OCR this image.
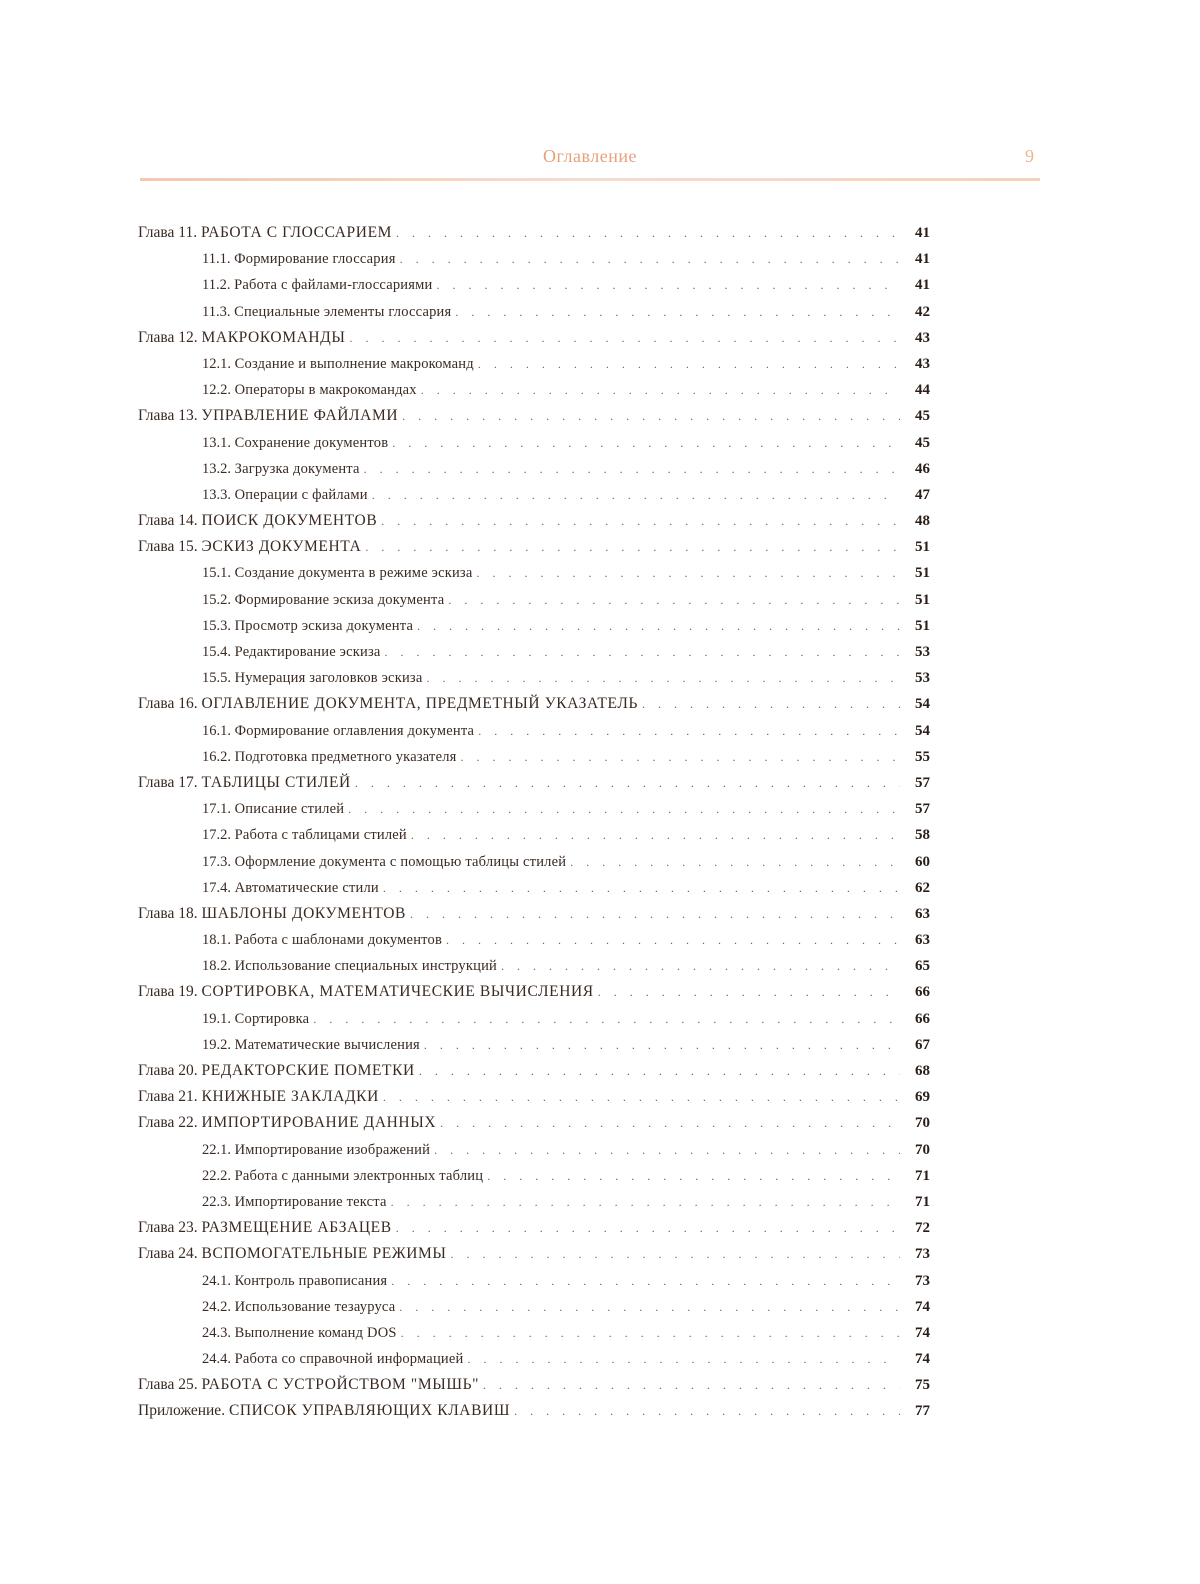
Оглавление	9
Глава 11. РАБОТА С ГЛОССАРИЕМ . . .	41
11.1. Формирование глоссария . . .	41
11.2. Работа с файлами-глоссариями . . .	41
11.3. Специальные элементы глоссария . . .	42
Глава 12. МАКРОКОМАНДЫ . . .	43
12.1. Создание и выполнение макрокоманд . . .	43
12.2. Операторы в макрокомандах . . .	44
Глава 13. УПРАВЛЕНИЕ ФАЙЛАМИ . . .	45
13.1. Сохранение документов . . .	45
13.2. Загрузка документа . . .	46
13.3. Операции с файлами . . .	47
Глава 14. ПОИСК ДОКУМЕНТОВ . . .	48
Глава 15. ЭСКИЗ ДОКУМЕНТА . . .	51
15.1. Создание документа в режиме эскиза . . .	51
15.2. Формирование эскиза документа . . .	51
15.3. Просмотр эскиза документа . . .	51
15.4. Редактирование эскиза . . .	53
15.5. Нумерация заголовков эскиза . . .	53
Глава 16. ОГЛАВЛЕНИЕ ДОКУМЕНТА, ПРЕДМЕТНЫЙ УКАЗАТЕЛЬ . . .	54
16.1. Формирование оглавления документа . . .	54
16.2. Подготовка предметного указателя . . .	55
Глава 17. ТАБЛИЦЫ СТИЛЕЙ . . .	57
17.1. Описание стилей . . .	57
17.2. Работа с таблицами стилей . . .	58
17.3. Оформление документа с помощью таблицы стилей . . .	60
17.4. Автоматические стили . . .	62
Глава 18. ШАБЛОНЫ ДОКУМЕНТОВ . . .	63
18.1. Работа с шаблонами документов . . .	63
18.2. Использование специальных инструкций . . .	65
Глава 19. СОРТИРОВКА, МАТЕМАТИЧЕСКИЕ ВЫЧИСЛЕНИЯ . . .	66
19.1. Сортировка . . .	66
19.2. Математические вычисления . . .	67
Глава 20. РЕДАКТОРСКИЕ ПОМЕТКИ . . .	68
Глава 21. КНИЖНЫЕ ЗАКЛАДКИ . . .	69
Глава 22. ИМПОРТИРОВАНИЕ ДАННЫХ . . .	70
22.1. Импортирование изображений . . .	70
22.2. Работа с данными электронных таблиц . . .	71
22.3. Импортирование текста . . .	71
Глава 23. РАЗМЕЩЕНИЕ АБЗАЦЕВ . . .	72
Глава 24. ВСПОМОГАТЕЛЬНЫЕ РЕЖИМЫ . . .	73
24.1. Контроль правописания . . .	73
24.2. Использование тезауруса . . .	74
24.3. Выполнение команд DOS . . .	74
24.4. Работа со справочной информацией . . .	74
Глава 25. РАБОТА С УСТРОЙСТВОМ "МЫШЬ" . . .	75
Приложение. СПИСОК УПРАВЛЯЮЩИХ КЛАВИШ . . .	77
